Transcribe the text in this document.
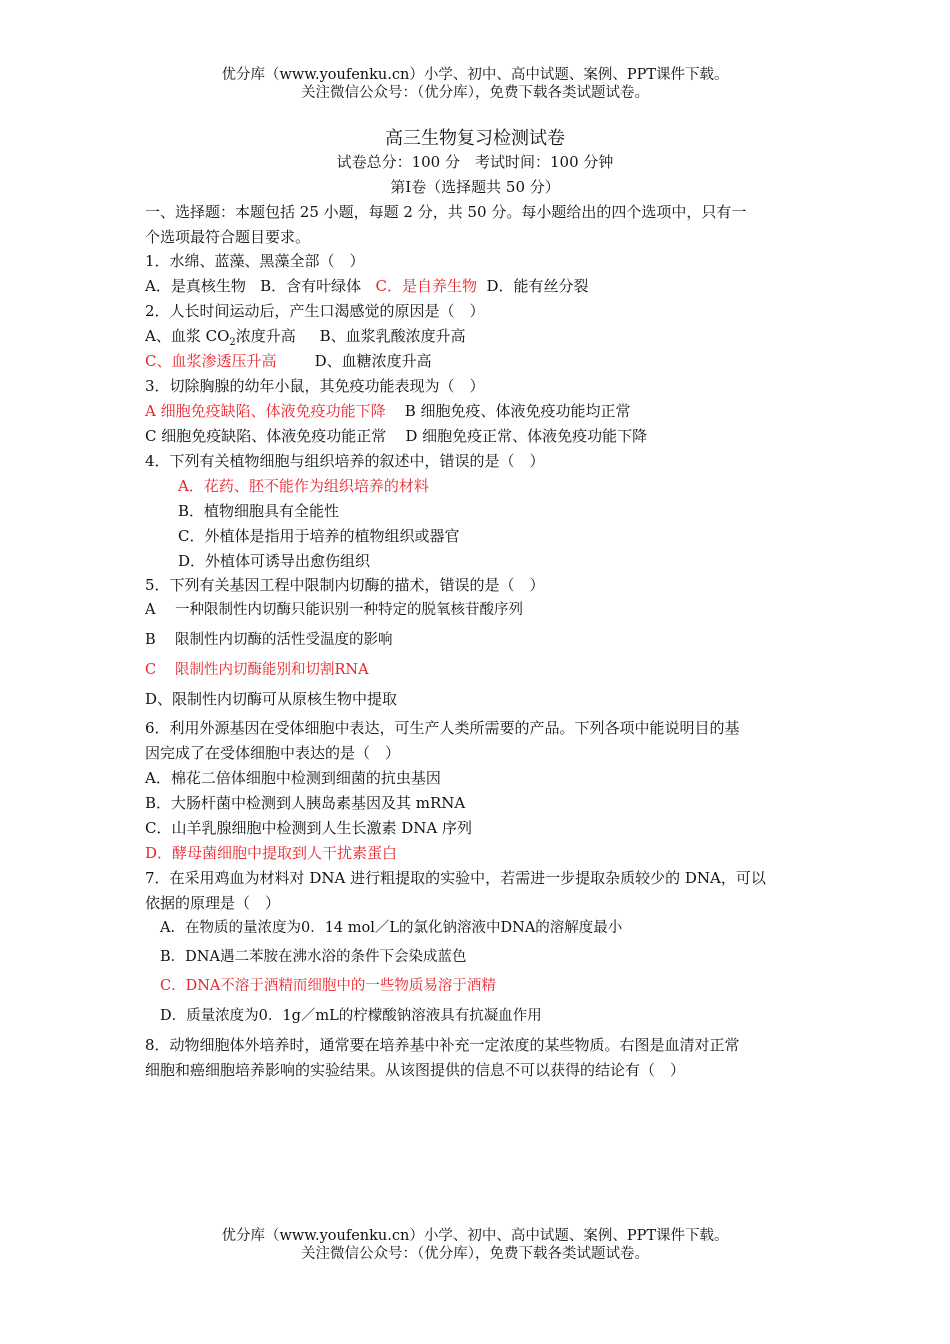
优分库（www.youfenku.cn）小学、初中、高中试题、案例、PPT课件下载。
关注微信公众号：（优分库），免费下载各类试题试卷。
高三生物复习检测试卷
试卷总分：100 分　考试时间：100 分钟
第Ⅰ卷（选择题共 50 分）
一、选择题：本题包括 25 小题，每题 2 分，共 50 分。每小题给出的四个选项中，只有一
个选项最符合题目要求。
1．水绵、蓝藻、黑藻全部（　）
A．是真核生物 B．含有叶绿体 C．是自养生物 D．能有丝分裂
2．人长时间运动后，产生口渴感觉的原因是（　）
A、血浆 $CO_2$浓度升高 B、血浆乳酸浓度升高
C、血浆渗透压升高	D、血糖浓度升高
3．切除胸腺的幼年小鼠，其免疫功能表现为（　）
A 细胞免疫缺陷、体液免疫功能下降 B 细胞免疫、体液免疫功能均正常
C 细胞免疫缺陷、体液免疫功能正常 D 细胞免疫正常、体液免疫功能下降
4．下列有关植物细胞与组织培养的叙述中，错误的是（　）
A．花药、胚不能作为组织培养的材料
B．植物细胞具有全能性
C．外植体是指用于培养的植物组织或器官
D．外植体可诱导出愈伤组织
5．下列有关基因工程中限制内切酶的描术，错误的是（　）
A 一种限制性内切酶只能识别一种特定的脱氧核苷酸序列
B 限制性内切酶的活性受温度的影响
C 限制性内切酶能别和切割RNA
D、限制性内切酶可从原核生物中提取
6．利用外源基因在受体细胞中表达，可生产人类所需要的产品。下列各项中能说明目的基
因完成了在受体细胞中表达的是（　）
A．棉花二倍体细胞中检测到细菌的抗虫基因
B．大肠杆菌中检测到人胰岛素基因及其 mRNA
C．山羊乳腺细胞中检测到人生长激素 DNA 序列
D．酵母菌细胞中提取到人干扰素蛋白
7．在采用鸡血为材料对 DNA 进行粗提取的实验中，若需进一步提取杂质较少的 DNA，可以
依据的原理是（　）
A．在物质的量浓度为0．14 mol／L的氯化钠溶液中DNA的溶解度最小
B．DNA遇二苯胺在沸水浴的条件下会染成蓝色
C．DNA不溶于酒精而细胞中的一些物质易溶于酒精
D．质量浓度为0．1g／mL的柠檬酸钠溶液具有抗凝血作用
8．动物细胞体外培养时，通常要在培养基中补充一定浓度的某些物质。右图是血清对正常
细胞和癌细胞培养影响的实验结果。从该图提供的信息不可以获得的结论有（　）
优分库（www.youfenku.cn）小学、初中、高中试题、案例、PPT课件下载。
关注微信公众号：（优分库），免费下载各类试题试卷。
